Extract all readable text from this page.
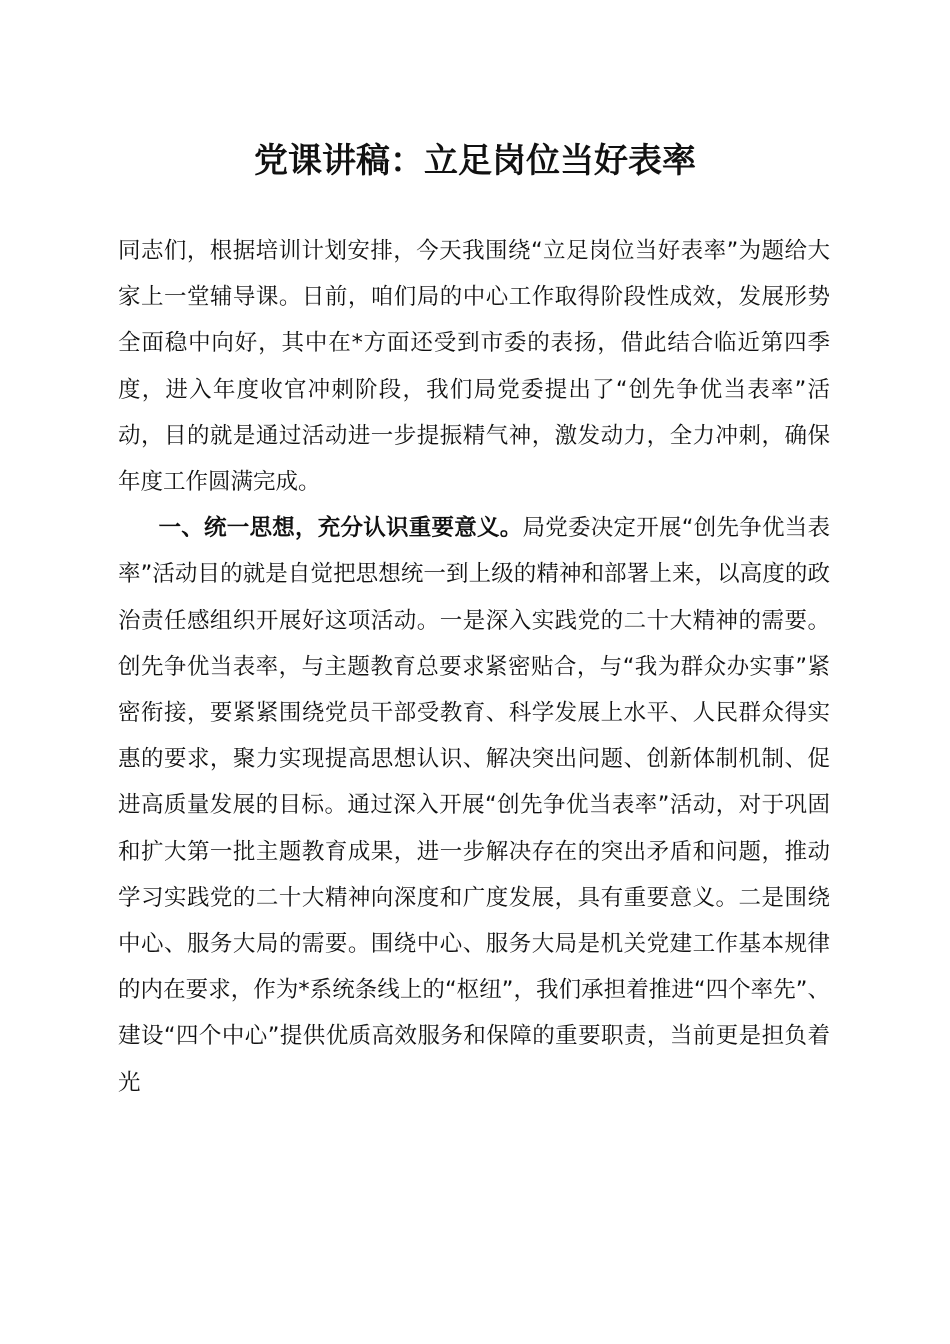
党课讲稿：立足岗位当好表率

同志们，根据培训计划安排，今天我围绕“立足岗位当好表率”为题给大家上一堂辅导课。日前，咱们局的中心工作取得阶段性成效，发展形势全面稳中向好，其中在*方面还受到市委的表扬，借此结合临近第四季度，进入年度收官冲刺阶段，我们局党委提出了“创先争优当表率”活动，目的就是通过活动进一步提振精气神，激发动力，全力冲刺，确保年度工作圆满完成。

一、统一思想，充分认识重要意义。局党委决定开展“创先争优当表率”活动目的就是自觉把思想统一到上级的精神和部署上来，以高度的政治责任感组织开展好这项活动。一是深入实践党的二十大精神的需要。创先争优当表率，与主题教育总要求紧密贴合，与“我为群众办实事”紧密衔接，要紧紧围绕党员干部受教育、科学发展上水平、人民群众得实惠的要求，聚力实现提高思想认识、解决突出问题、创新体制机制、促进高质量发展的目标。通过深入开展“创先争优当表率”活动，对于巩固和扩大第一批主题教育成果，进一步解决存在的突出矛盾和问题，推动学习实践党的二十大精神向深度和广度发展，具有重要意义。二是围绕中心、服务大局的需要。围绕中心、服务大局是机关党建工作基本规律的内在要求，作为*系统条线上的“枢纽”，我们承担着推进“四个率先”、建设“四个中心”提供优质高效服务和保障的重要职责，当前更是担负着光
